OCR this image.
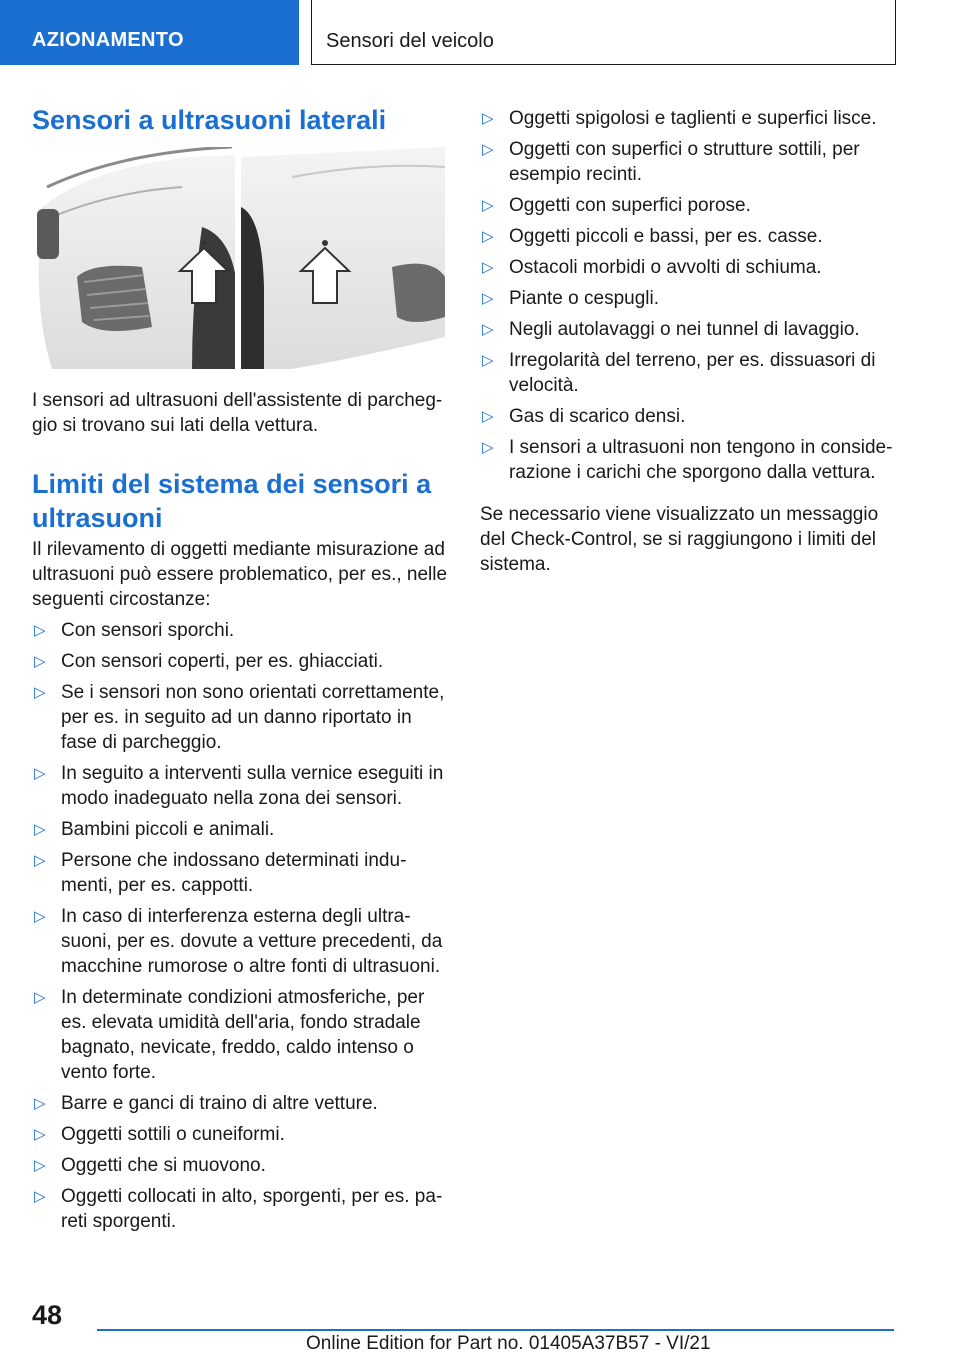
AZIONAMENTO	Sensori del veicolo
Sensori a ultrasuoni laterali

I sensori ad ultrasuoni dell'assistente di parcheggio si trovano sui lati della vettura.

Limiti del sistema dei sensori a ultrasuoni

Il rilevamento di oggetti mediante misurazione ad ultrasuoni può essere problematico, per es., nelle seguenti circostanze:

▷ Con sensori sporchi.
▷ Con sensori coperti, per es. ghiacciati.
▷ Se i sensori non sono orientati correttamente, per es. in seguito ad un danno riportato in fase di parcheggio.
▷ In seguito a interventi sulla vernice eseguiti in modo inadeguato nella zona dei sensori.
▷ Bambini piccoli e animali.
▷ Persone che indossano determinati indumenti, per es. cappotti.
▷ In caso di interferenza esterna degli ultrasuoni, per es. dovute a vetture precedenti, da macchine rumorose o altre fonti di ultrasuoni.
▷ In determinate condizioni atmosferiche, per es. elevata umidità dell'aria, fondo stradale bagnato, nevicate, freddo, caldo intenso o vento forte.
▷ Barre e ganci di traino di altre vetture.
▷ Oggetti sottili o cuneiformi.
▷ Oggetti che si muovono.
▷ Oggetti collocati in alto, sporgenti, per es. pareti sporgenti.
▷ Oggetti spigolosi e taglienti e superfici lisce.
▷ Oggetti con superfici o strutture sottili, per esempio recinti.
▷ Oggetti con superfici porose.
▷ Oggetti piccoli e bassi, per es. casse.
▷ Ostacoli morbidi o avvolti di schiuma.
▷ Piante o cespugli.
▷ Negli autolavaggi o nei tunnel di lavaggio.
▷ Irregolarità del terreno, per es. dissuasori di velocità.
▷ Gas di scarico densi.
▷ I sensori a ultrasuoni non tengono in considerazione i carichi che sporgono dalla vettura.

Se necessario viene visualizzato un messaggio del Check-Control, se si raggiungono i limiti del sistema.

48
Online Edition for Part no. 01405A37B57 - VI/21
